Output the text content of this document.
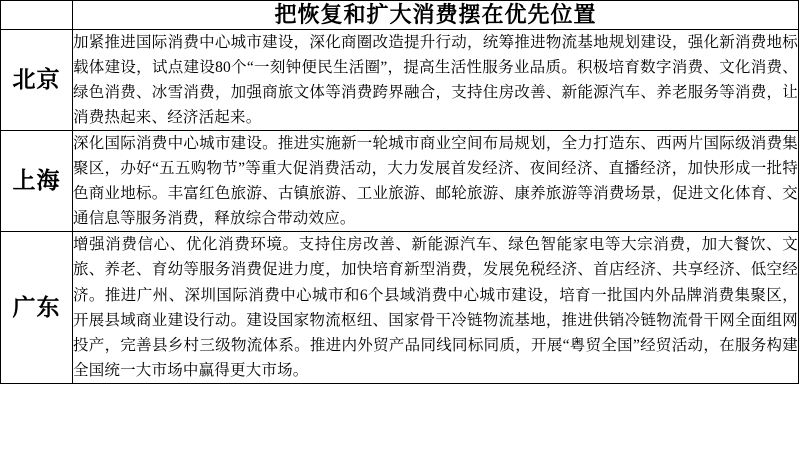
	把恢复和扩大消费摆在优先位置
北京	加紧推进国际消费中心城市建设，深化商圈改造提升行动，统筹推进物流基地规划建设，强化新消费地标载体建设，试点建设80个“一刻钟便民生活圈”，提高生活性服务业品质。积极培育数字消费、文化消费、绿色消费、冰雪消费，加强商旅文体等消费跨界融合，支持住房改善、新能源汽车、养老服务等消费，让消费热起来、经济活起来。
上海	深化国际消费中心城市建设。推进实施新一轮城市商业空间布局规划，全力打造东、西两片国际级消费集聚区，办好“五五购物节”等重大促消费活动，大力发展首发经济、夜间经济、直播经济，加快形成一批特色商业地标。丰富红色旅游、古镇旅游、工业旅游、邮轮旅游、康养旅游等消费场景，促进文化体育、交通信息等服务消费，释放综合带动效应。
广东	增强消费信心、优化消费环境。支持住房改善、新能源汽车、绿色智能家电等大宗消费，加大餐饮、文旅、养老、育幼等服务消费促进力度，加快培育新型消费，发展免税经济、首店经济、共享经济、低空经济。推进广州、深圳国际消费中心城市和6个县域消费中心城市建设，培育一批国内外品牌消费集聚区，开展县域商业建设行动。建设国家物流枢纽、国家骨干冷链物流基地，推进供销冷链物流骨干网全面组网投产，完善县乡村三级物流体系。推进内外贸产品同线同标同质，开展“粤贸全国”经贸活动，在服务构建全国统一大市场中赢得更大市场。
